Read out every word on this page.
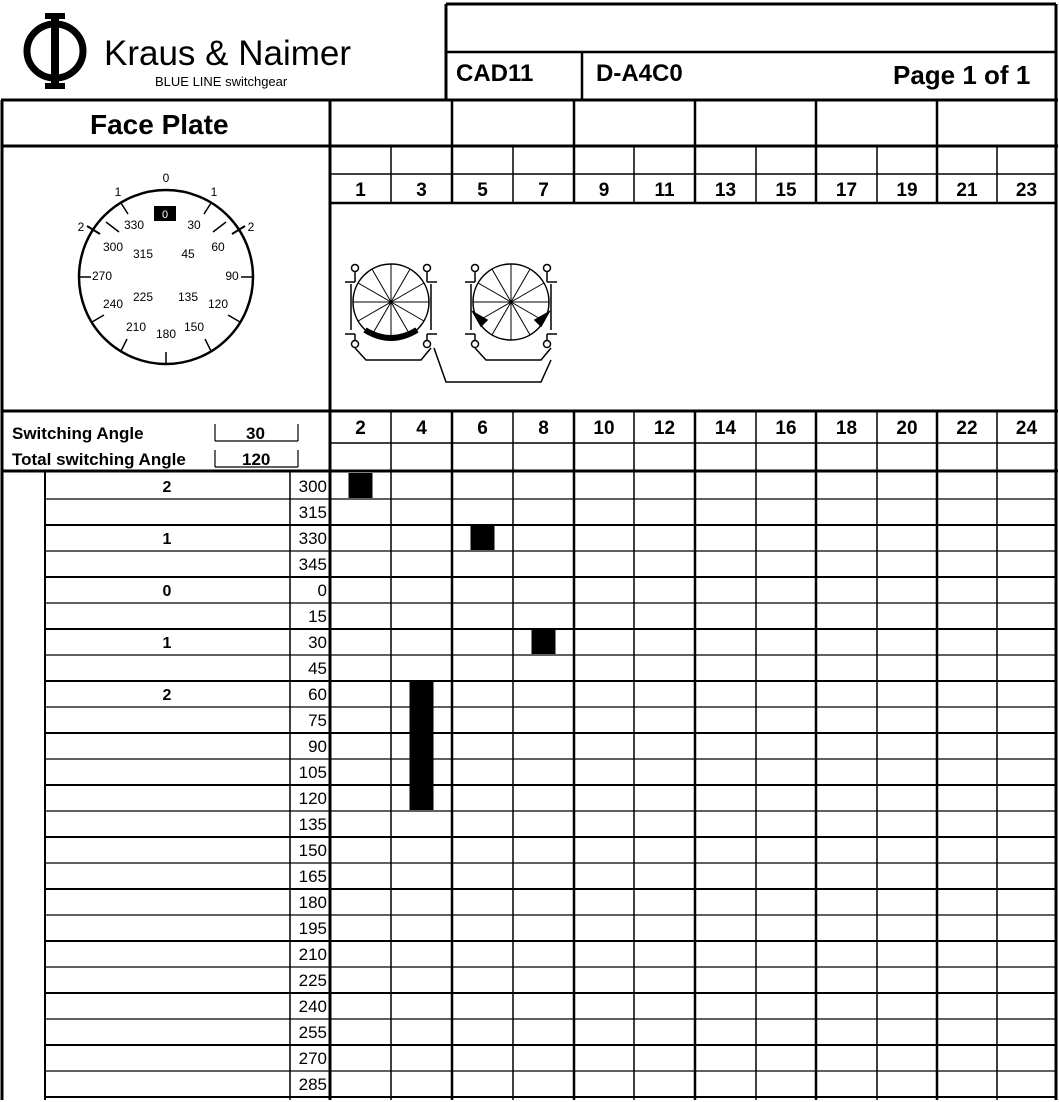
1	3	5	7	9 11 13 15 17 19 21 23
2	4	6	8 10 12 14 16 18 20 22 24
2	300
315
1	330
345
0	0
15
1	30
45
2	60
75
90
105
120
135
150
165
180
195
210
225
240
255
270
285
Kraus & Naimer
BLUE LINE switchgear	CAD11	D-A4C0	Page 1 of 1
Face Plate
0
0
1	1
2	2
330	30
300 315 45 60
270	90
240 225 135 120
210 180 150
Switching Angle	30
Total switching Angle	120
